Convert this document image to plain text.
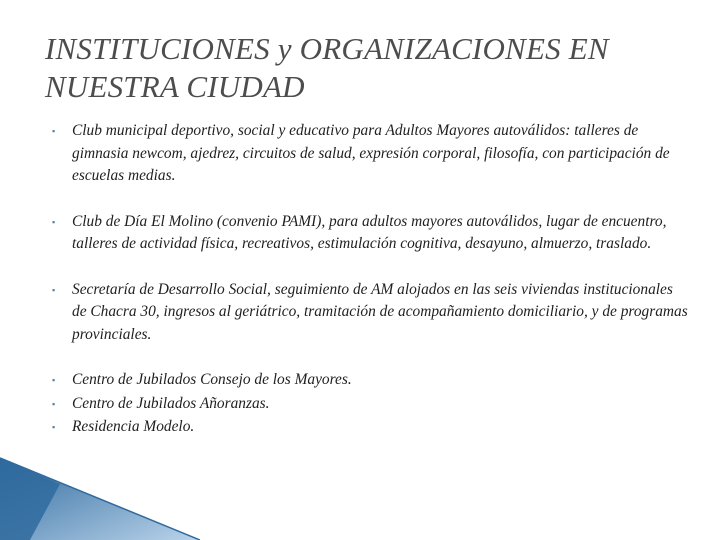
INSTITUCIONES y ORGANIZACIONES EN
NUESTRA CIUDAD
▪ Club municipal deportivo, social y educativo para Adultos Mayores autoválidos: talleres de gimnasia newcom, ajedrez, circuitos de salud, expresión corporal, filosofía, con participación de escuelas medias.
▪ Club de Día El Molino (convenio PAMI), para adultos mayores autoválidos, lugar de encuentro, talleres de actividad física, recreativos, estimulación cognitiva, desayuno, almuerzo, traslado.
▪ Secretaría de Desarrollo Social, seguimiento de AM alojados en las seis viviendas institucionales de Chacra 30, ingresos al geriátrico, tramitación de acompañamiento domiciliario, y de programas provinciales.
▪ Centro de Jubilados Consejo de los Mayores.
▪ Centro de Jubilados Añoranzas.
▪ Residencia Modelo.
